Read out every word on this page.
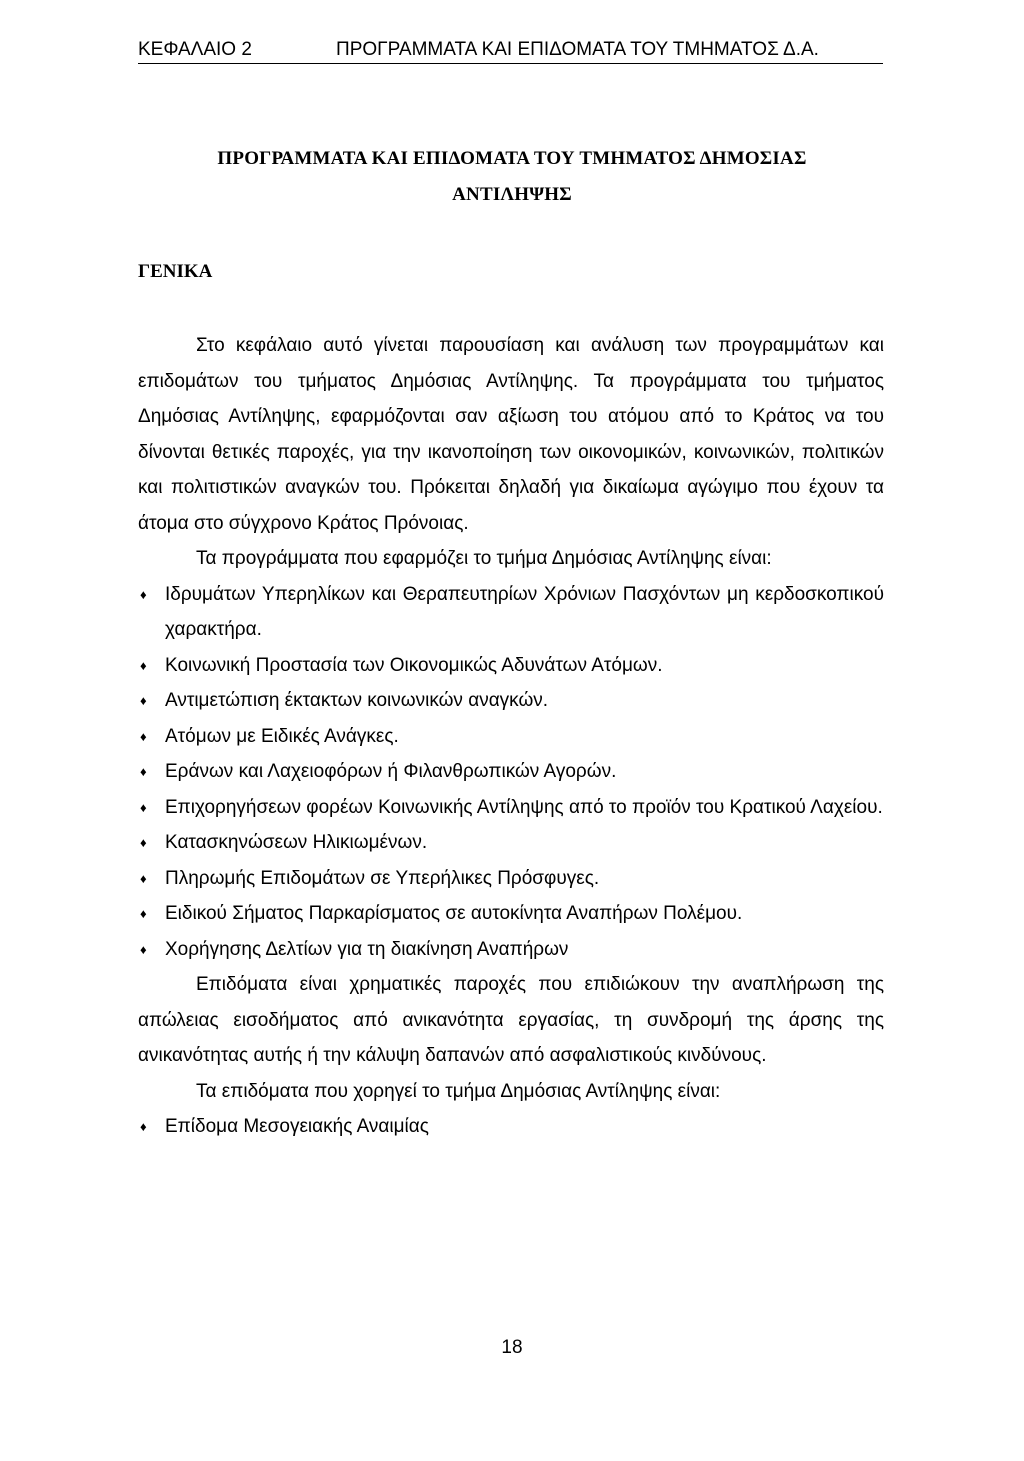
ΚΕΦΑΛΑΙΟ 2	ΠΡΟΓΡΑΜΜΑΤΑ ΚΑΙ ΕΠΙΔΟΜΑΤΑ ΤΟΥ ΤΜΗΜΑΤΟΣ Δ.Α.
ΠΡΟΓΡΑΜΜΑΤΑ ΚΑΙ ΕΠΙΔΟΜΑΤΑ ΤΟΥ ΤΜΗΜΑΤΟΣ ΔΗΜΟΣΙΑΣ
ΑΝΤΙΛΗΨΗΣ
ΓΕΝΙΚΑ

Στο κεφάλαιο αυτό γίνεται παρουσίαση και ανάλυση των προγραμμάτων και επιδομάτων του τμήματος Δημόσιας Αντίληψης. Τα προγράμματα του τμήματος Δημόσιας Αντίληψης, εφαρμόζονται σαν αξίωση του ατόμου από το Κράτος να του δίνονται θετικές παροχές, για την ικανοποίηση των οικονομικών, κοινωνικών, πολιτικών και πολιτιστικών αναγκών του. Πρόκειται δηλαδή για δικαίωμα αγώγιμο που έχουν τα άτομα στο σύγχρονο Κράτος Πρόνοιας.

Τα προγράμματα που εφαρμόζει το τμήμα Δημόσιας Αντίληψης είναι:

♦ Ιδρυμάτων Υπερηλίκων και Θεραπευτηρίων Χρόνιων Πασχόντων μη κερδοσκοπικού χαρακτήρα.
♦ Κοινωνική Προστασία των Οικονομικώς Αδυνάτων Ατόμων.
♦ Αντιμετώπιση έκτακτων κοινωνικών αναγκών.
♦ Ατόμων με Ειδικές Ανάγκες.
♦ Εράνων και Λαχειοφόρων ή Φιλανθρωπικών Αγορών.
♦ Επιχορηγήσεων φορέων Κοινωνικής Αντίληψης από το προϊόν του Κρατικού Λαχείου.
♦ Κατασκηνώσεων Ηλικιωμένων.
♦ Πληρωμής Επιδομάτων σε Υπερήλικες Πρόσφυγες.
♦ Ειδικού Σήματος Παρκαρίσματος σε αυτοκίνητα Αναπήρων Πολέμου.
♦ Χορήγησης Δελτίων για τη διακίνηση Αναπήρων

Επιδόματα είναι χρηματικές παροχές που επιδιώκουν την αναπλήρωση της απώλειας εισοδήματος από ανικανότητα εργασίας, τη συνδρομή της άρσης της ανικανότητας αυτής ή την κάλυψη δαπανών από ασφαλιστικούς κινδύνους.

Τα επιδόματα που χορηγεί το τμήμα Δημόσιας Αντίληψης είναι:

♦ Επίδομα Μεσογειακής Αναιμίας
18
